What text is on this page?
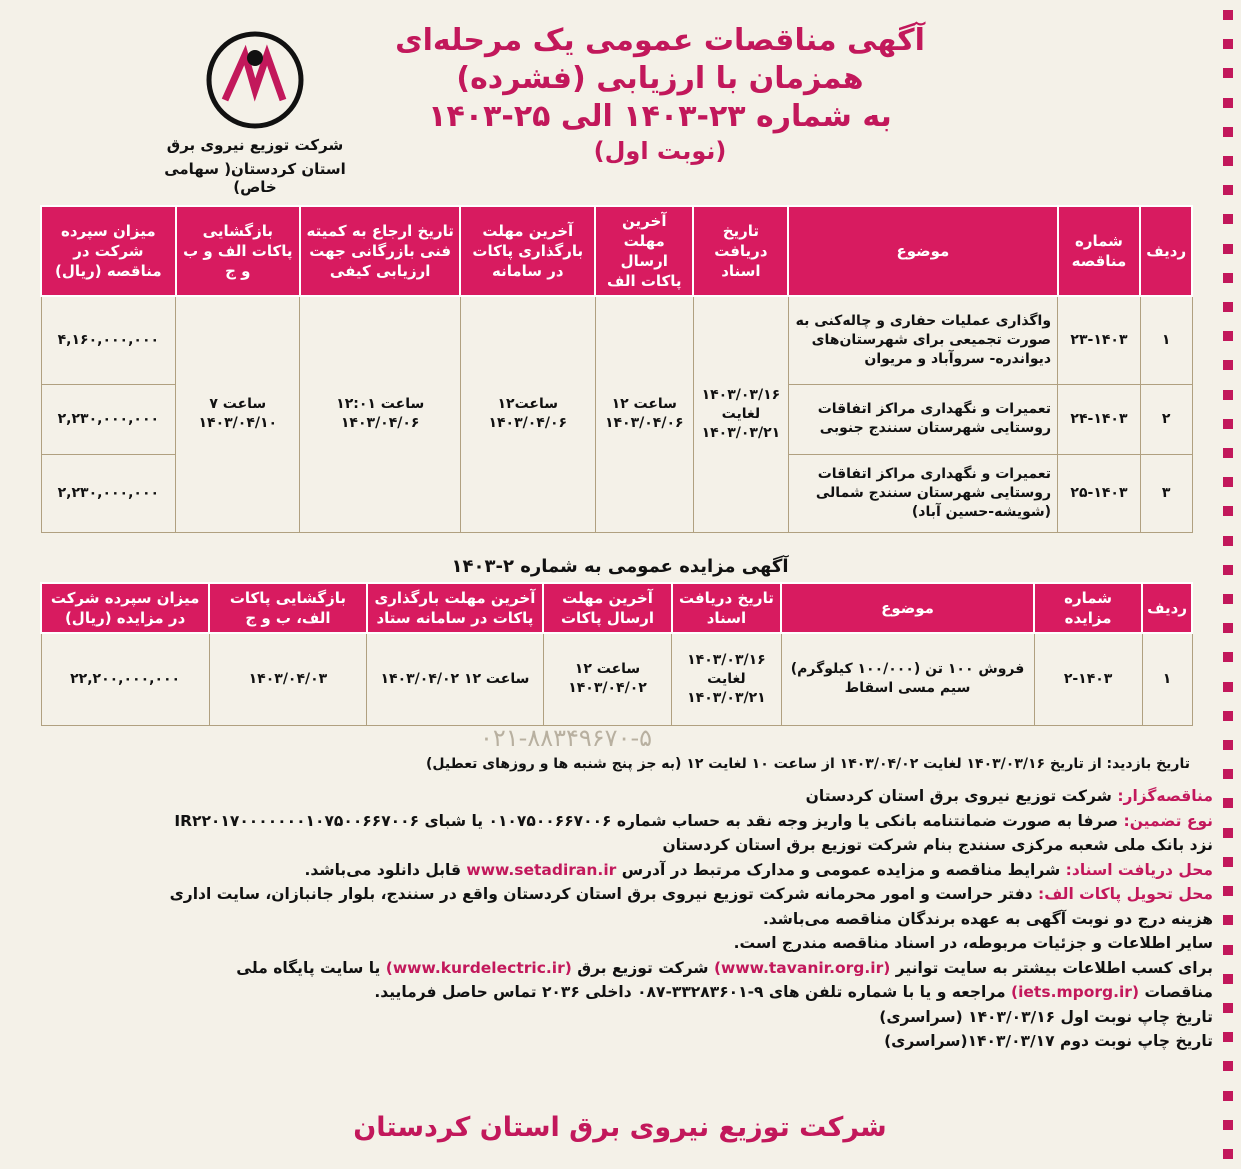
شرکت توزیع نیروی برق
استان کردستان( سهامی خاص)
آگهی مناقصات عمومی یک مرحله‌ای
همزمان با ارزیابی (فشرده)
به شماره ۲۳-۱۴۰۳ الی ۲۵-۱۴۰۳
(نوبت اول)
ردیف	شماره مناقصه	موضوع	تاریخ دریافت اسناد	آخرین مهلت ارسال پاکات الف	آخرین مهلت بارگذاری پاکات در سامانه	تاریخ ارجاع به کمیته فنی بازرگانی جهت ارزیابی کیفی	بازگشایی پاکات الف و ب و ج	میزان سپرده شرکت در مناقصه (ریال)
۱	۲۳-۱۴۰۳	واگذاری عملیات حفاری و چاله‌کنی به صورت تجمیعی برای شهرستان‌های دیواندره- سروآباد و مریوان	۱۴۰۳/۰۳/۱۶ لغایت ۱۴۰۳/۰۳/۲۱	ساعت ۱۲ ۱۴۰۳/۰۴/۰۶	ساعت۱۲ ۱۴۰۳/۰۴/۰۶	ساعت ۱۲:۰۱ ۱۴۰۳/۰۴/۰۶	ساعت ۷ ۱۴۰۳/۰۴/۱۰	۴,۱۶۰,۰۰۰,۰۰۰
۲	۲۴-۱۴۰۳	تعمیرات و نگهداری مراکز اتفاقات روستایی شهرستان سنندج جنوبی						۲,۲۳۰,۰۰۰,۰۰۰
۳	۲۵-۱۴۰۳	تعمیرات و نگهداری مراکز اتفاقات روستایی شهرستان سنندج شمالی (شویشه-حسین آباد)						۲,۲۳۰,۰۰۰,۰۰۰
آگهی مزایده عمومی به شماره ۲-۱۴۰۳
ردیف	شماره مزایده	موضوع	تاریخ دریافت اسناد	آخرین مهلت ارسال پاکات	آخرین مهلت بارگذاری پاکات در سامانه ستاد	بازگشایی پاکات الف، ب و ج	میزان سپرده شرکت در مزایده (ریال)
۱	۲-۱۴۰۳	فروش ۱۰۰ تن (۱۰۰/۰۰۰ کیلوگرم) سیم مسی اسقاط	۱۴۰۳/۰۳/۱۶ لغایت ۱۴۰۳/۰۳/۲۱	ساعت ۱۲ ۱۴۰۳/۰۴/۰۲	ساعت ۱۲ ۱۴۰۳/۰۴/۰۲	۱۴۰۳/۰۴/۰۳	۲۲,۲۰۰,۰۰۰,۰۰۰
۰۲۱-۸۸۳۴۹۶۷۰-۵
تاریخ بازدید: از تاریخ ۱۴۰۳/۰۳/۱۶ لغایت ۱۴۰۳/۰۴/۰۲ از ساعت ۱۰ لغایت ۱۲ (به جز پنج شنبه ها و روزهای تعطیل)

مناقصه‌گزار: شرکت توزیع نیروی برق استان کردستان

نوع تضمین: صرفا به صورت ضمانتنامه بانکی یا واریز وجه نقد به حساب شماره ۰۱۰۷۵۰۰۶۶۷۰۰۶ یا شبای IR۲۲۰۱۷۰۰۰۰۰۰۰۱۰۷۵۰۰۶۶۷۰۰۶

نزد بانک ملی شعبه مرکزی سنندج بنام شرکت توزیع برق استان کردستان

محل دریافت اسناد: شرایط مناقصه و مزایده عمومی و مدارک مرتبط در آدرس www.setadiran.ir قابل دانلود می‌باشد.

محل تحویل پاکات الف: دفتر حراست و امور محرمانه شرکت توزیع نیروی برق استان کردستان واقع در سنندج، بلوار جانبازان، سایت اداری

هزینه درج دو نوبت آگهی به عهده برندگان مناقصه می‌باشد.

سایر اطلاعات و جزئیات مربوطه، در اسناد مناقصه مندرج است.

برای کسب اطلاعات بیشتر به سایت توانیر (www.tavanir.org.ir) شرکت توزیع برق (www.kurdelectric.ir) یا سایت پایگاه ملی

مناقصات (iets.mporg.ir) مراجعه و یا با شماره تلفن های ۹-۳۳۲۸۳۶۰۱-۰۸۷ داخلی ۲۰۳۶ تماس حاصل فرمایید.

تاریخ چاپ نوبت اول ۱۴۰۳/۰۳/۱۶ (سراسری)

تاریخ چاپ نوبت دوم ۱۴۰۳/۰۳/۱۷(سراسری)

شرکت توزیع نیروی برق استان کردستان
